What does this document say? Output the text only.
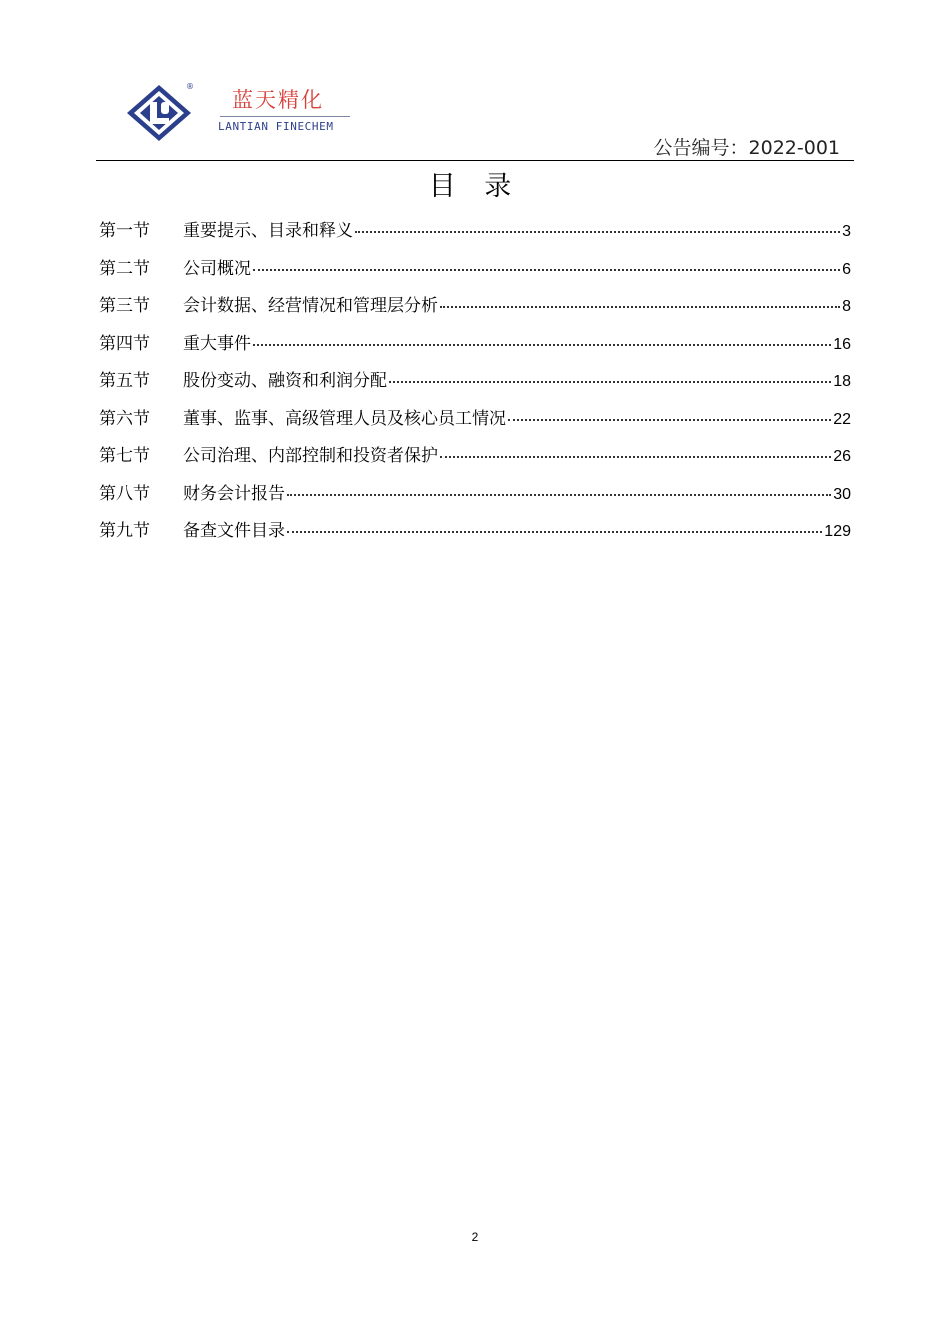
®
蓝天精化
LANTIAN FINECHEM
公告编号：2022-001
目 录
第一节	重要提示、目录和释义	3
第二节	公司概况	6
第三节	会计数据、经营情况和管理层分析	8
第四节	重大事件	16
第五节	股份变动、融资和利润分配	18
第六节	董事、监事、高级管理人员及核心员工情况	22
第七节	公司治理、内部控制和投资者保护	26
第八节	财务会计报告	30
第九节	备查文件目录	129
2
